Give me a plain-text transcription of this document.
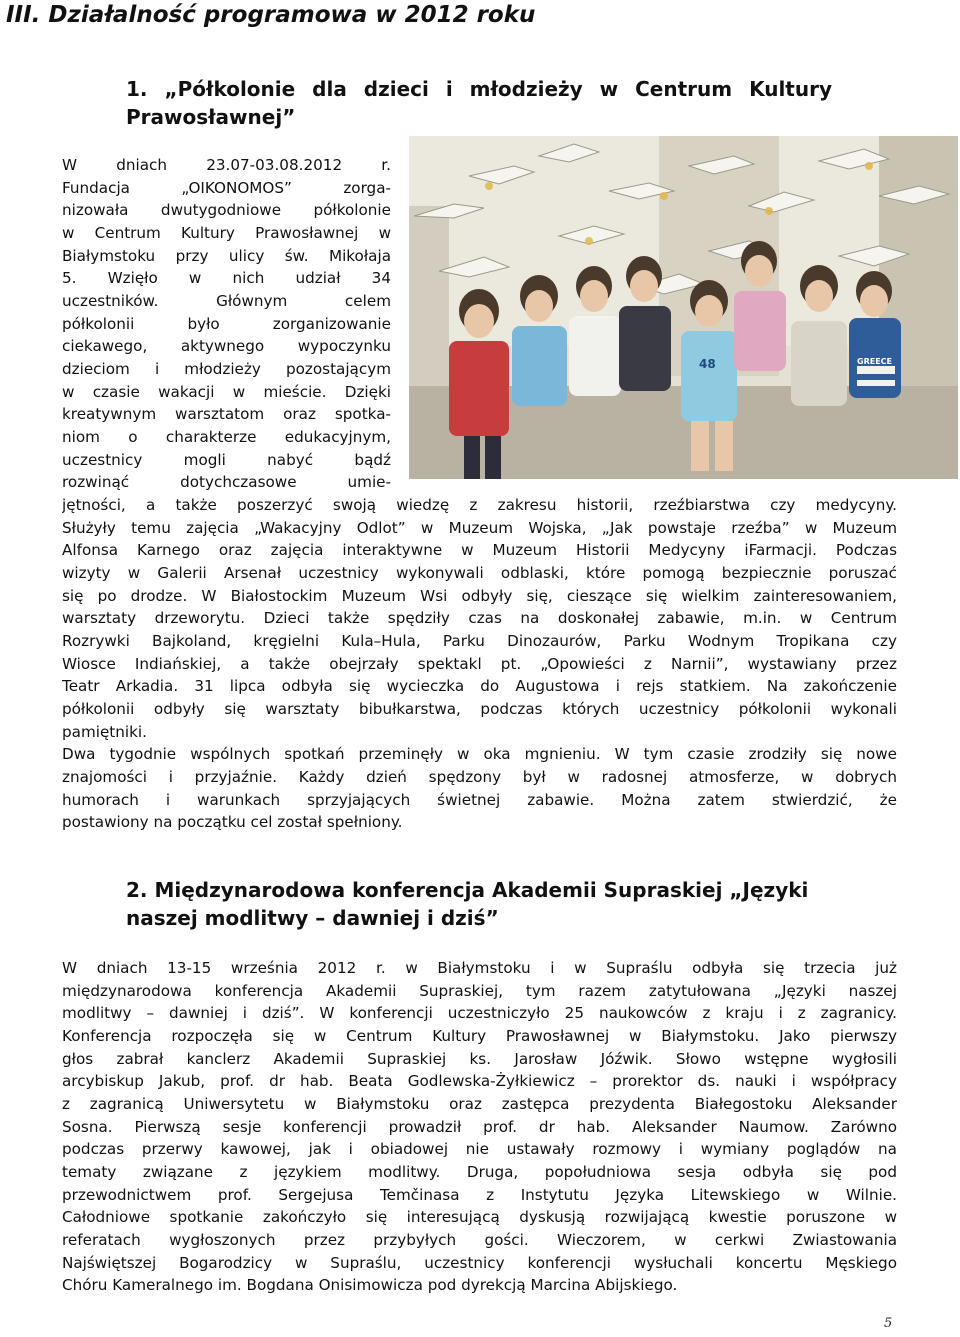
III. Działalność programowa w 2012 roku
1. „Półkolonie dla dzieci i młodzieży w Centrum Kultury
Prawosławnej”
W dniach 23.07-03.08.2012 r.
Fundacja „OIKONOMOS” zorga-
nizowała dwutygodniowe półkolonie
w Centrum Kultury Prawosławnej w
Białymstoku przy ulicy św. Mikołaja
5. Wzięło w nich udział 34
uczestników. Głównym celem
półkolonii było zorganizowanie
ciekawego, aktywnego wypoczynku
dzieciom i młodzieży pozostającym
w czasie wakacji w mieście. Dzięki
kreatywnym warsztatom oraz spotka-
niom o charakterze edukacyjnym,
uczestnicy mogli nabyć bądź
rozwinąć dotychczasowe umie-
48	GREECE
jętności, a także poszerzyć swoją wiedzę z zakresu historii, rzeźbiarstwa czy medycyny.
Służyły temu zajęcia „Wakacyjny Odlot” w Muzeum Wojska, „Jak powstaje rzeźba” w Muzeum
Alfonsa Karnego oraz zajęcia interaktywne w Muzeum Historii Medycyny iFarmacji. Podczas
wizyty w Galerii Arsenał uczestnicy wykonywali odblaski, które pomogą bezpiecznie poruszać
się po drodze. W Białostockim Muzeum Wsi odbyły się, cieszące się wielkim zainteresowaniem,
warsztaty drzeworytu. Dzieci także spędziły czas na doskonałej zabawie, m.in. w Centrum
Rozrywki Bajkoland, kręgielni Kula–Hula, Parku Dinozaurów, Parku Wodnym Tropikana czy
Wiosce Indiańskiej, a także obejrzały spektakl pt. „Opowieści z Narnii”, wystawiany przez
Teatr Arkadia. 31 lipca odbyła się wycieczka do Augustowa i rejs statkiem. Na zakończenie
półkolonii odbyły się warsztaty bibułkarstwa, podczas których uczestnicy półkolonii wykonali
pamiętniki.
Dwa tygodnie wspólnych spotkań przeminęły w oka mgnieniu. W tym czasie zrodziły się nowe
znajomości i przyjaźnie. Każdy dzień spędzony był w radosnej atmosferze, w dobrych
humorach i warunkach sprzyjających świetnej zabawie. Można zatem stwierdzić, że
postawiony na początku cel został spełniony.
2. Międzynarodowa konferencja Akademii Supraskiej „Języki
naszej modlitwy – dawniej i dziś”
W dniach 13-15 września 2012 r. w Białymstoku i w Supraślu odbyła się trzecia już
międzynarodowa konferencja Akademii Supraskiej, tym razem zatytułowana „Języki naszej
modlitwy – dawniej i dziś”. W konferencji uczestniczyło 25 naukowców z kraju i z zagranicy.
Konferencja rozpoczęła się w Centrum Kultury Prawosławnej w Białymstoku. Jako pierwszy
głos zabrał kanclerz Akademii Supraskiej ks. Jarosław Jóźwik. Słowo wstępne wygłosili
arcybiskup Jakub, prof. dr hab. Beata Godlewska-Żyłkiewicz – prorektor ds. nauki i współpracy
z zagranicą Uniwersytetu w Białymstoku oraz zastępca prezydenta Białegostoku Aleksander
Sosna. Pierwszą sesje konferencji prowadził prof. dr hab. Aleksander Naumow. Zarówno
podczas przerwy kawowej, jak i obiadowej nie ustawały rozmowy i wymiany poglądów na
tematy związane z językiem modlitwy. Druga, popołudniowa sesja odbyła się pod
przewodnictwem prof. Sergejusa Temčinasa z Instytutu Języka Litewskiego w Wilnie.
Całodniowe spotkanie zakończyło się interesującą dyskusją rozwijającą kwestie poruszone w
referatach wygłoszonych przez przybyłych gości. Wieczorem, w cerkwi Zwiastowania
Najświętszej Bogarodzicy w Supraślu, uczestnicy konferencji wysłuchali koncertu Męskiego
Chóru Kameralnego im. Bogdana Onisimowicza pod dyrekcją Marcina Abijskiego.
5
